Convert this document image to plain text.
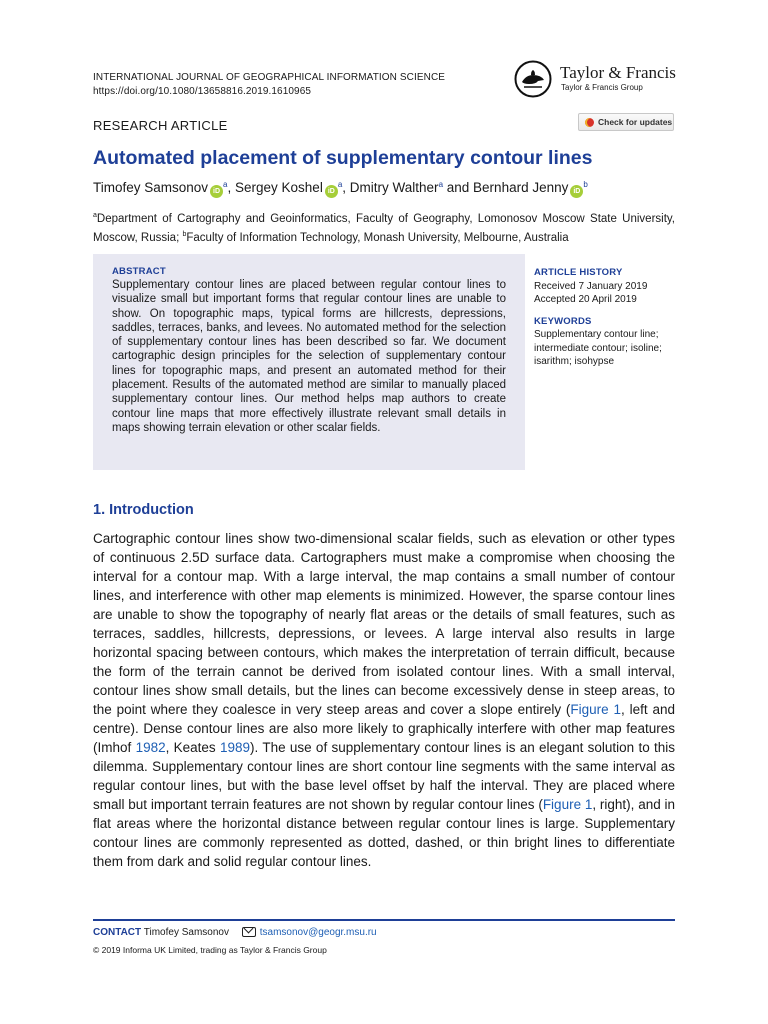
INTERNATIONAL JOURNAL OF GEOGRAPHICAL INFORMATION SCIENCE
https://doi.org/10.1080/13658816.2019.1610965
Taylor & Francis
Taylor & Francis Group
RESEARCH ARTICLE	Check for updates
Automated placement of supplementary contour lines
Timofey Samsonov $iD^a$, Sergey Koshel $iD^a$, Dmitry Walther$^a$ and Bernhard Jenny $iD^b$
$^a$Department of Cartography and Geoinformatics, Faculty of Geography, Lomonosov Moscow State University, Moscow, Russia; $^b$Faculty of Information Technology, Monash University, Melbourne, Australia
ABSTRACT
Supplementary contour lines are placed between regular contour lines to visualize small but important forms that regular contour lines are unable to show. On topographic maps, typical forms are hillcrests, depressions, saddles, terraces, banks, and levees. No automated method for the selection of supplementary contour lines has been described so far. We document cartographic design principles for the selection of supplementary contour lines for topographic maps, and present an automated method for their placement. Results of the automated method are similar to manually placed supplementary contour lines. Our method helps map authors to create contour line maps that more effectively illustrate relevant small details in maps showing terrain elevation or other scalar fields.
ARTICLE HISTORY
Received 7 January 2019
Accepted 20 April 2019
KEYWORDS
Supplementary contour line; intermediate contour; isoline; isarithm; isohypse
1. Introduction
Cartographic contour lines show two-dimensional scalar fields, such as elevation or other types of continuous 2.5D surface data. Cartographers must make a compromise when choosing the interval for a contour map. With a large interval, the map contains a small number of contour lines, and interference with other map elements is minimized. However, the sparse contour lines are unable to show the topography of nearly flat areas or the details of small features, such as terraces, saddles, hillcrests, depressions, or levees. A large interval also results in large horizontal spacing between contours, which makes the interpretation of terrain difficult, because the form of the terrain cannot be derived from isolated contour lines. With a small interval, contour lines show small details, but the lines can become excessively dense in steep areas, to the point where they coalesce in very steep areas and cover a slope entirely (Figure 1, left and centre). Dense contour lines are also more likely to graphically interfere with other map features (Imhof 1982, Keates 1989). The use of supplementary contour lines is an elegant solution to this dilemma. Supplementary contour lines are short contour line segments with the same interval as regular contour lines, but with the base level offset by half the interval. They are placed where small but important terrain features are not shown by regular contour lines (Figure 1, right), and in flat areas where the horizontal distance between regular contour lines is large. Supplementary contour lines are commonly represented as dotted, dashed, or thin bright lines to differentiate them from dark and solid regular contour lines.
CONTACT Timofey Samsonov	tsamsonov@geogr.msu.ru
© 2019 Informa UK Limited, trading as Taylor & Francis Group
